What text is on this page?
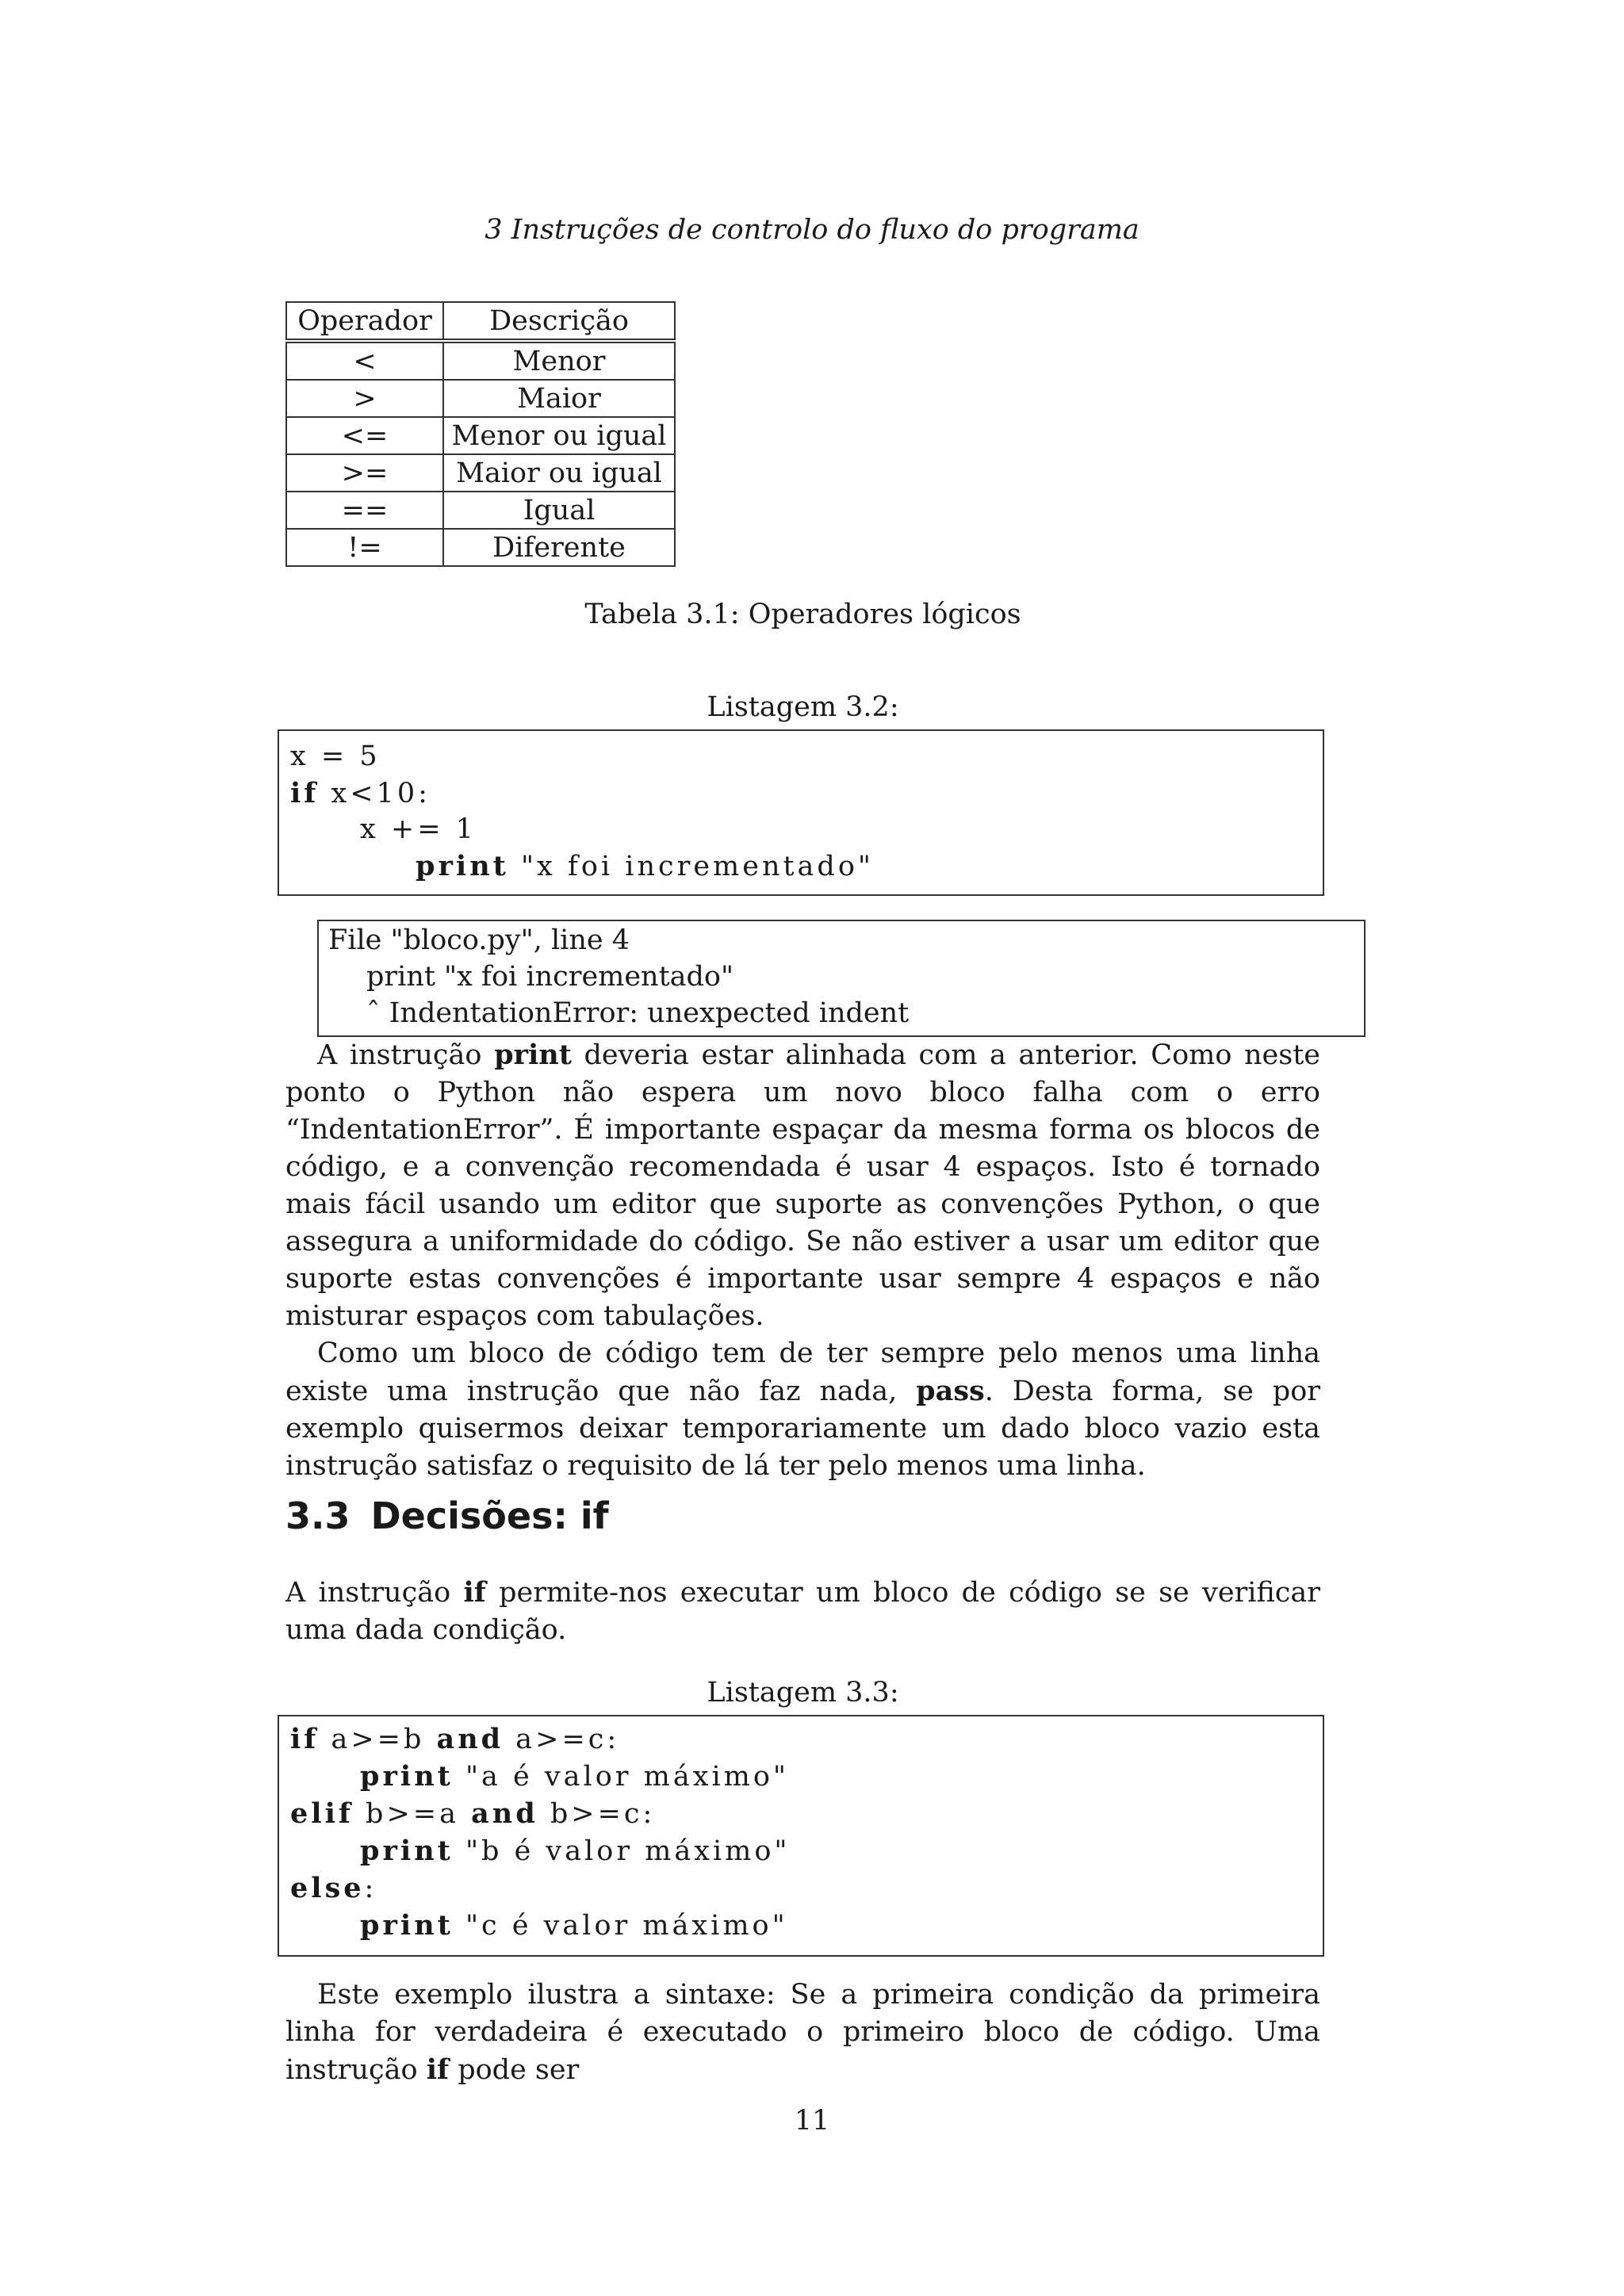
3 Instruções de controlo do fluxo do programa
Operador	Descrição
<	Menor
>	Maior
<=	Menor ou igual
>=	Maior ou igual
==	Igual
!=	Diferente
Tabela 3.1: Operadores lógicos
Listagem 3.2:
x = 5
if x<10:
x += 1
print "x foi incrementado"
File "bloco.py", line 4
print "x foi incrementado"
ˆ IndentationError: unexpected indent

A instrução print deveria estar alinhada com a anterior. Como neste ponto o Python não espera um novo bloco falha com o erro “IndentationError”. É importante espaçar da mesma forma os blocos de código, e a convenção recomendada é usar 4 espaços. Isto é tornado mais fácil usando um editor que suporte as convenções Python, o que assegura a uniformidade do código. Se não estiver a usar um editor que suporte estas convenções é importante usar sempre 4 espaços e não misturar espaços com tabulações.

Como um bloco de código tem de ter sempre pelo menos uma linha existe uma instrução que não faz nada, pass. Desta forma, se por exemplo quisermos deixar temporariamente um dado bloco vazio esta instrução satisfaz o requisito de lá ter pelo menos uma linha.

3.3 Decisões: if

A instrução if permite-nos executar um bloco de código se se verificar uma dada condição.

Listagem 3.3:
if a>=b and a>=c:
print "a é valor máximo"
elif b>=a and b>=c:
print "b é valor máximo"
else:
print "c é valor máximo"

Este exemplo ilustra a sintaxe: Se a primeira condição da primeira linha for verdadeira é executado o primeiro bloco de código. Uma instrução if pode ser

11
